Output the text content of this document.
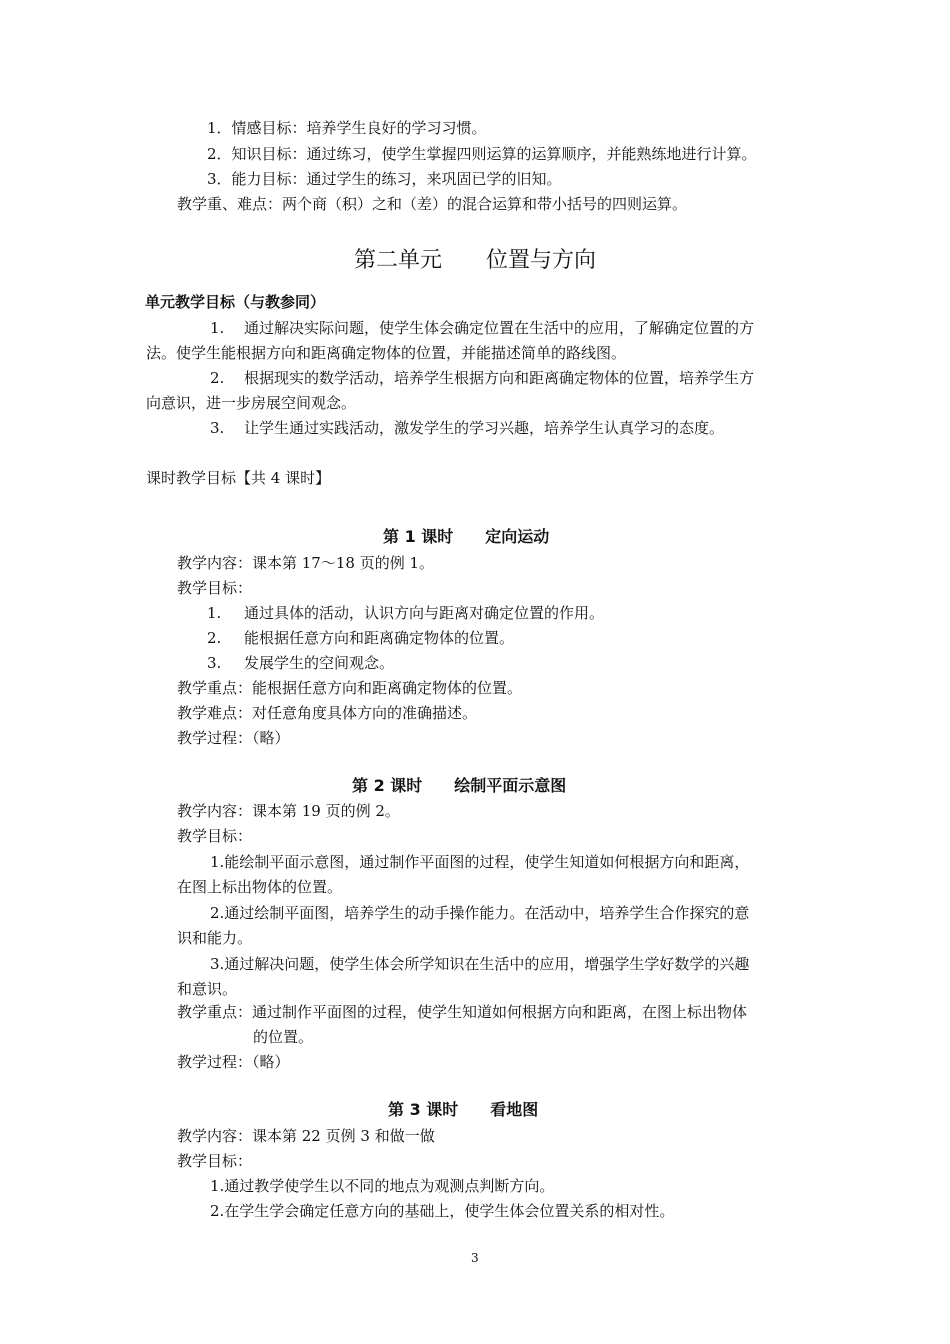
1．情感目标：培养学生良好的学习习惯。
2．知识目标：通过练习，使学生掌握四则运算的运算顺序，并能熟练地进行计算。
3．能力目标：通过学生的练习，来巩固已学的旧知。
教学重、难点：两个商（积）之和（差）的混合运算和带小括号的四则运算。
第二单元　　位置与方向
单元教学目标（与教参同）
1. 通过解决实际问题，使学生体会确定位置在生活中的应用，了解确定位置的方
法。使学生能根据方向和距离确定物体的位置，并能描述简单的路线图。
2. 根据现实的数学活动，培养学生根据方向和距离确定物体的位置，培养学生方
向意识，进一步房展空间观念。
3. 让学生通过实践活动，激发学生的学习兴趣，培养学生认真学习的态度。
课时教学目标【共 4 课时】
第 1 课时　　定向运动
教学内容：课本第 17～18 页的例 1。
教学目标：
1. 通过具体的活动，认识方向与距离对确定位置的作用。
2. 能根据任意方向和距离确定物体的位置。
3. 发展学生的空间观念。
教学重点：能根据任意方向和距离确定物体的位置。
教学难点：对任意角度具体方向的准确描述。
教学过程：（略）
第 2 课时　　绘制平面示意图
教学内容：课本第 19 页的例 2。
教学目标：
1.能绘制平面示意图，通过制作平面图的过程，使学生知道如何根据方向和距离，
在图上标出物体的位置。
2.通过绘制平面图，培养学生的动手操作能力。在活动中，培养学生合作探究的意
识和能力。
3.通过解决问题，使学生体会所学知识在生活中的应用，增强学生学好数学的兴趣
和意识。
教学重点：通过制作平面图的过程，使学生知道如何根据方向和距离，在图上标出物体
的位置。
教学过程：（略）
第 3 课时　　看地图
教学内容：课本第 22 页例 3 和做一做
教学目标：
1.通过教学使学生以不同的地点为观测点判断方向。
2.在学生学会确定任意方向的基础上，使学生体会位置关系的相对性。
3
